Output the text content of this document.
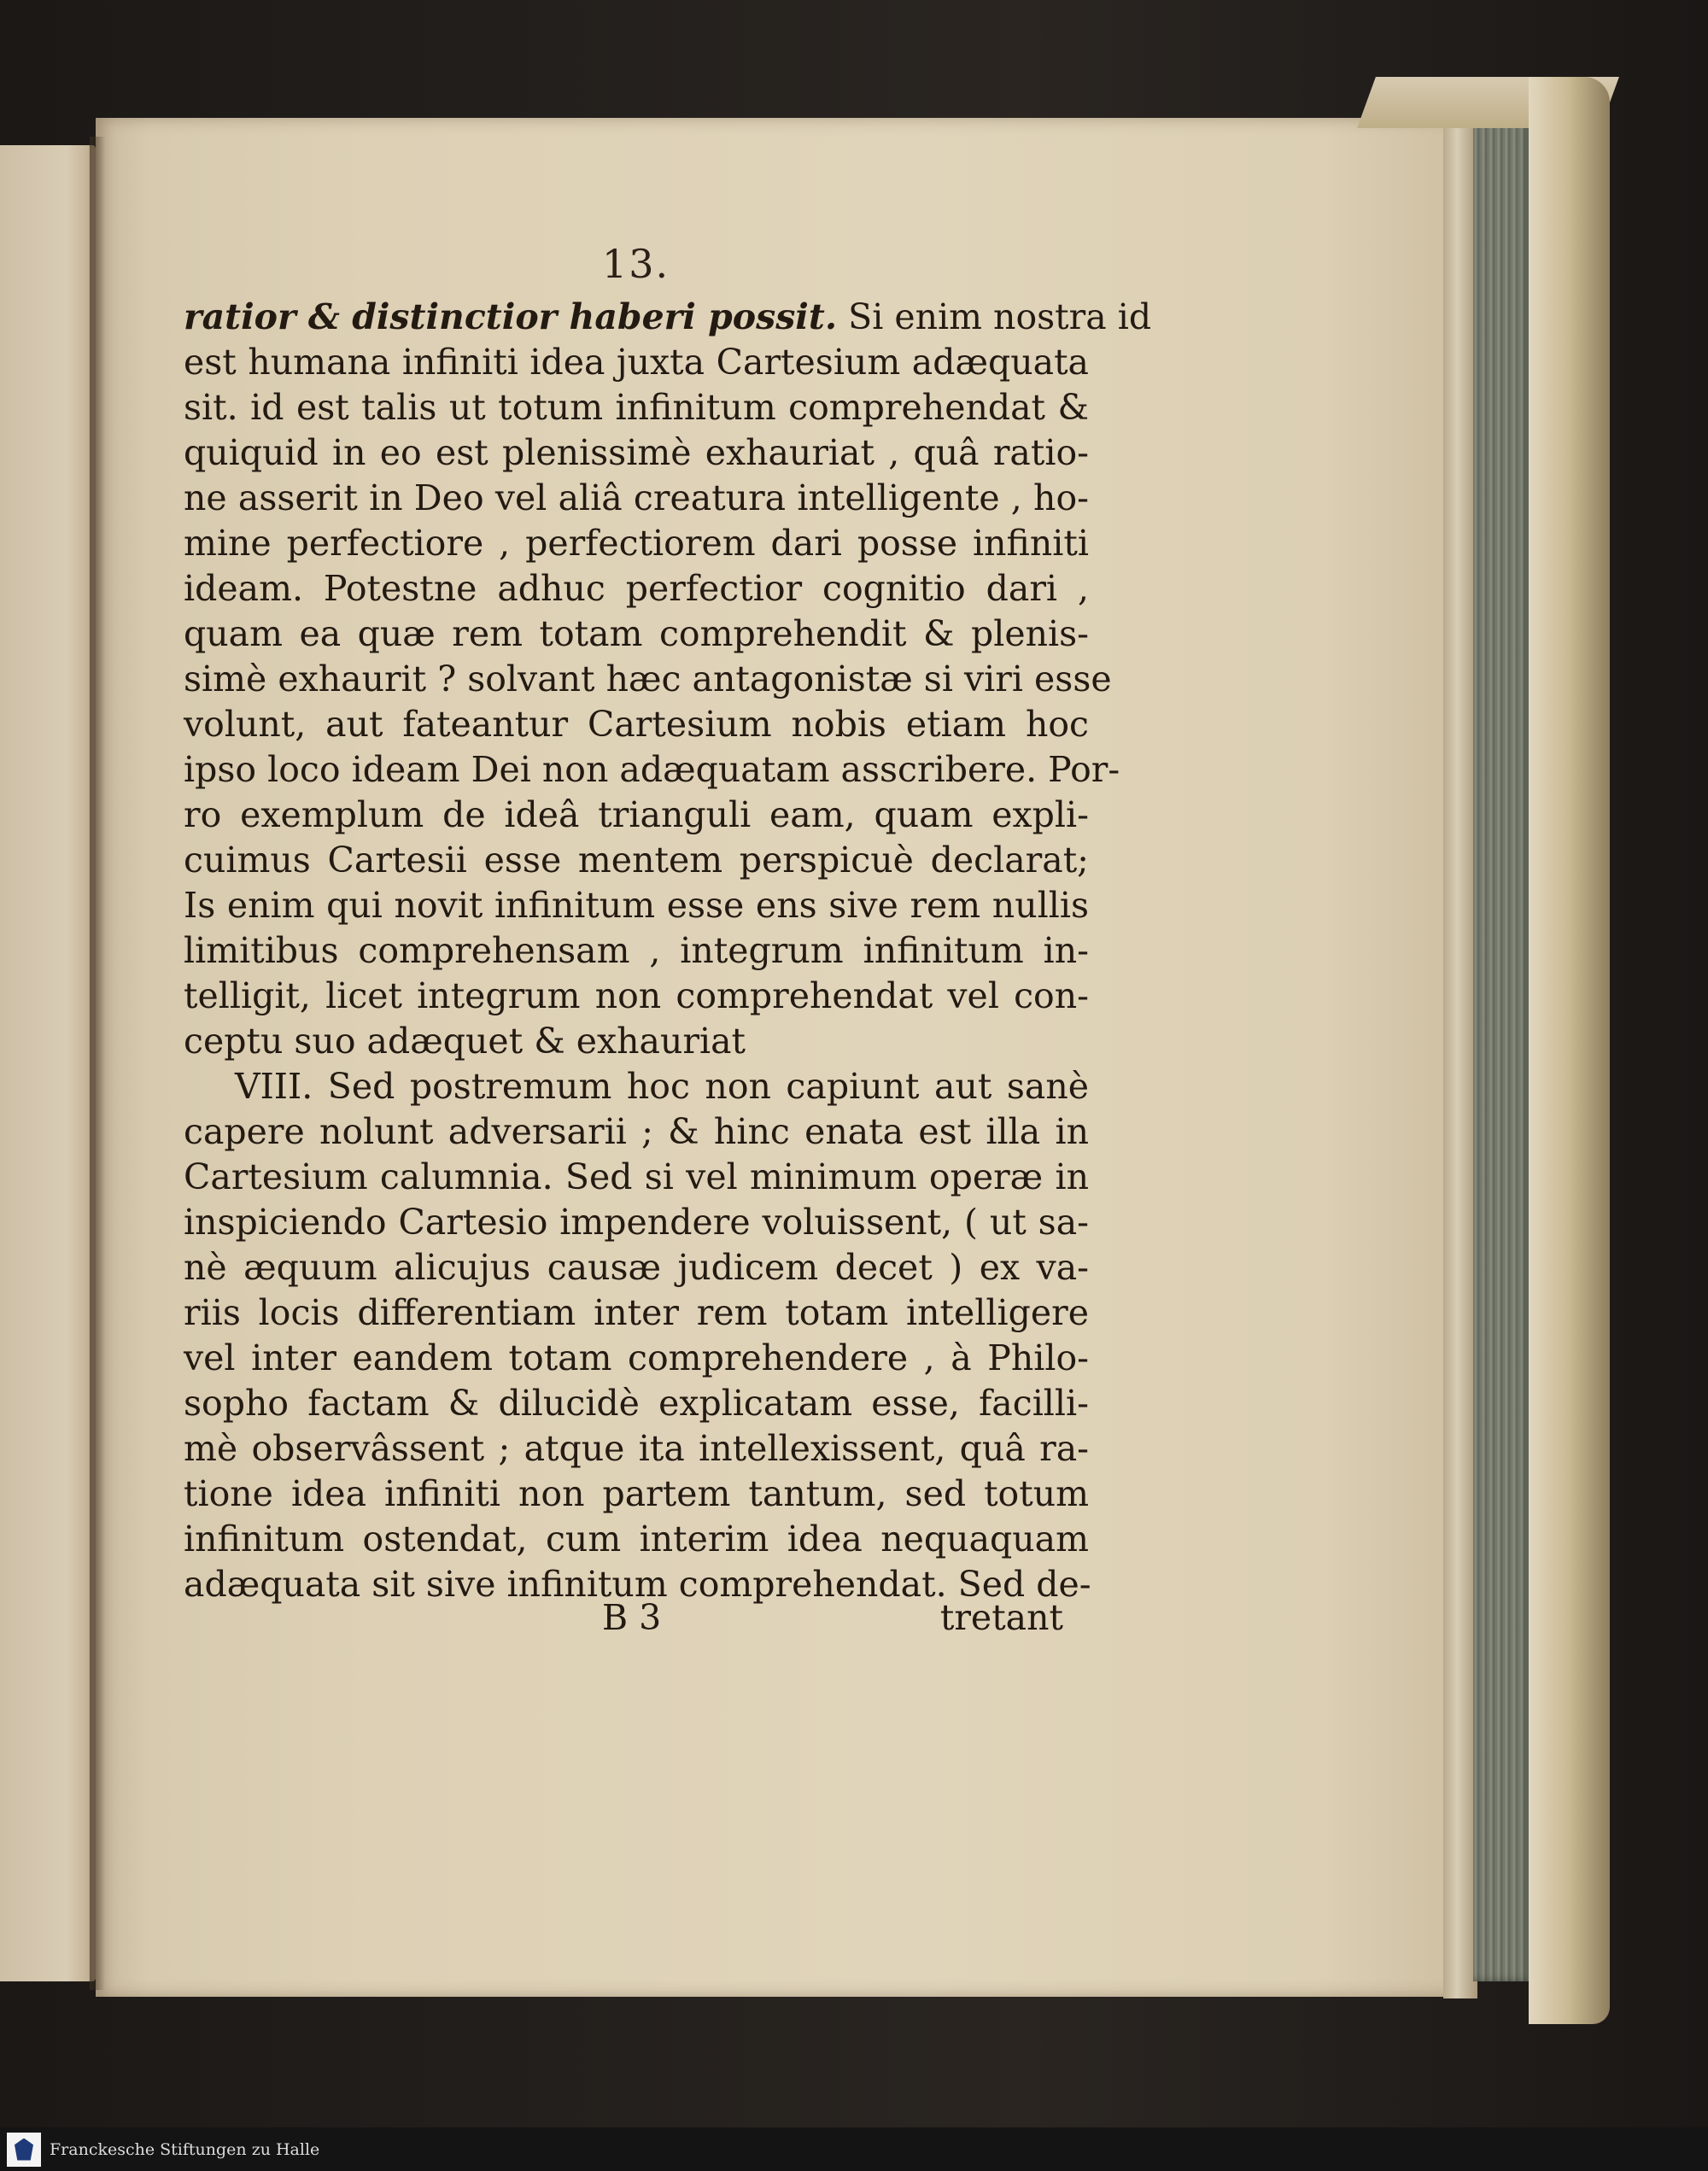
13.
ratior & distinctior haberi possit. Si enim nostra id
est humana infiniti idea juxta Cartesium adæquata
sit. id est talis ut totum infinitum comprehendat &
quiquid in eo est plenissimè exhauriat , quâ ratio-
ne asserit in Deo vel aliâ creatura intelligente , ho-
mine perfectiore , perfectiorem dari posse infiniti
ideam. Potestne adhuc perfectior cognitio dari ,
quam ea quæ rem totam comprehendit & plenis-
simè exhaurit ? solvant hæc antagonistæ si viri esse
volunt, aut fateantur Cartesium nobis etiam hoc
ipso loco ideam Dei non adæquatam asscribere. Por-
ro exemplum de ideâ trianguli eam, quam expli-
cuimus Cartesii esse mentem perspicuè declarat;
Is enim qui novit infinitum esse ens sive rem nullis
limitibus comprehensam , integrum infinitum in-
telligit, licet integrum non comprehendat vel con-
ceptu suo adæquet & exhauriat
VIII. Sed postremum hoc non capiunt aut sanè
capere nolunt adversarii ; & hinc enata est illa in
Cartesium calumnia. Sed si vel minimum operæ in
inspiciendo Cartesio impendere voluissent, ( ut sa-
nè æquum alicujus causæ judicem decet ) ex va-
riis locis differentiam inter rem totam intelligere
vel inter eandem totam comprehendere , à Philo-
sopho factam & dilucidè explicatam esse, facilli-
mè observâssent ; atque ita intellexissent, quâ ra-
tione idea infiniti non partem tantum, sed totum
infinitum ostendat, cum interim idea nequaquam
adæquata sit sive infinitum comprehendat. Sed de-
B 3	tretant
Franckesche Stiftungen zu Halle
